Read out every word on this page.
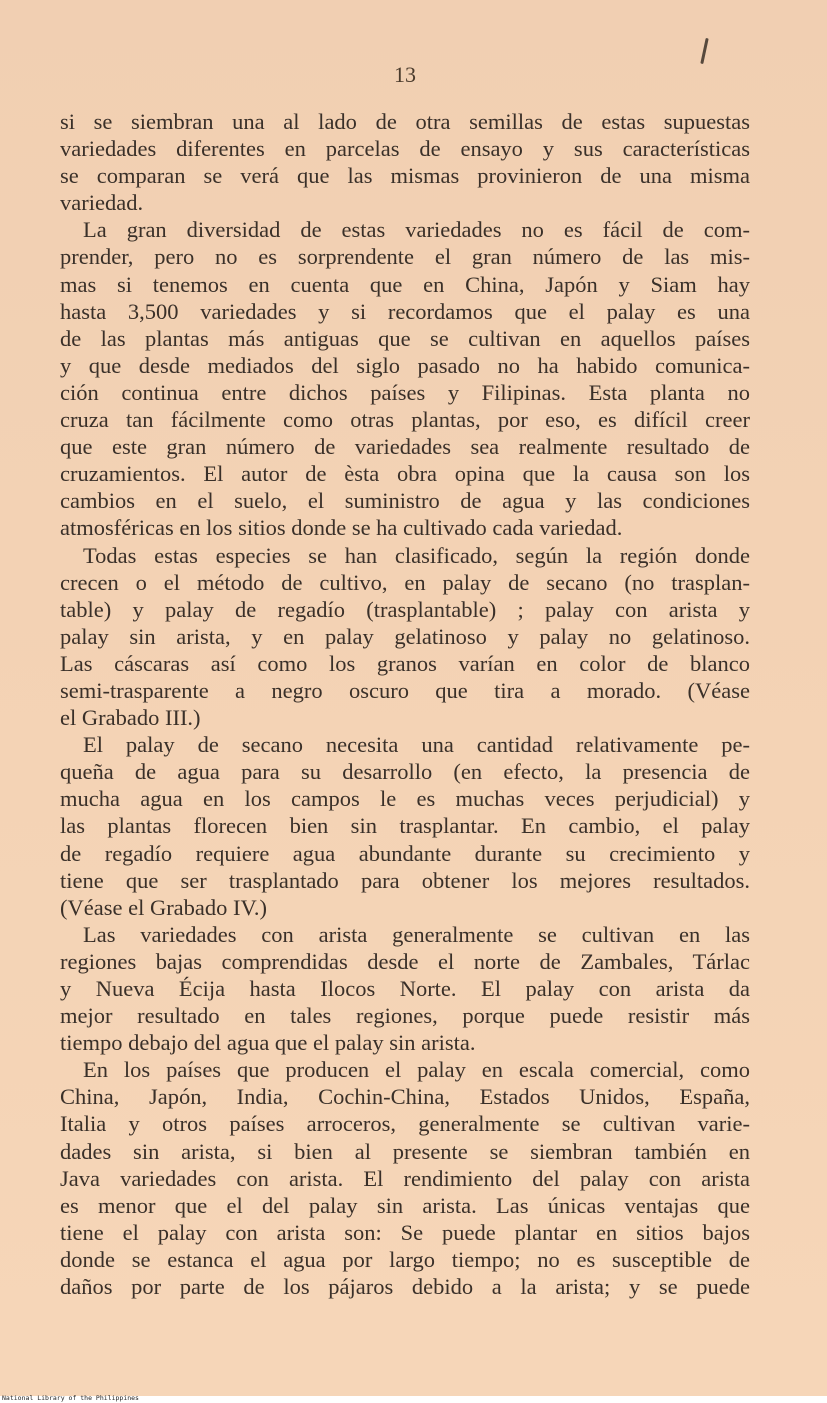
13
si se siembran una al lado de otra semillas de estas supuestas
variedades diferentes en parcelas de ensayo y sus características
se comparan se verá que las mismas provinieron de una misma
variedad.
La gran diversidad de estas variedades no es fácil de com-
prender, pero no es sorprendente el gran número de las mis-
mas si tenemos en cuenta que en China, Japón y Siam hay
hasta 3,500 variedades y si recordamos que el palay es una
de las plantas más antiguas que se cultivan en aquellos países
y que desde mediados del siglo pasado no ha habido comunica-
ción continua entre dichos países y Filipinas. Esta planta no
cruza tan fácilmente como otras plantas, por eso, es difícil creer
que este gran número de variedades sea realmente resultado de
cruzamientos. El autor de èsta obra opina que la causa son los
cambios en el suelo, el suministro de agua y las condiciones
atmosféricas en los sitios donde se ha cultivado cada variedad.
Todas estas especies se han clasificado, según la región donde
crecen o el método de cultivo, en palay de secano (no trasplan-
table) y palay de regadío (trasplantable) ; palay con arista y
palay sin arista, y en palay gelatinoso y palay no gelatinoso.
Las cáscaras así como los granos varían en color de blanco
semi-trasparente a negro oscuro que tira a morado. (Véase
el Grabado III.)
El palay de secano necesita una cantidad relativamente pe-
queña de agua para su desarrollo (en efecto, la presencia de
mucha agua en los campos le es muchas veces perjudicial) y
las plantas florecen bien sin trasplantar. En cambio, el palay
de regadío requiere agua abundante durante su crecimiento y
tiene que ser trasplantado para obtener los mejores resultados.
(Véase el Grabado IV.)
Las variedades con arista generalmente se cultivan en las
regiones bajas comprendidas desde el norte de Zambales, Tárlac
y Nueva Écija hasta Ilocos Norte. El palay con arista da
mejor resultado en tales regiones, porque puede resistir más
tiempo debajo del agua que el palay sin arista.
En los países que producen el palay en escala comercial, como
China, Japón, India, Cochin-China, Estados Unidos, España,
Italia y otros países arroceros, generalmente se cultivan varie-
dades sin arista, si bien al presente se siembran también en
Java variedades con arista. El rendimiento del palay con arista
es menor que el del palay sin arista. Las únicas ventajas que
tiene el palay con arista son: Se puede plantar en sitios bajos
donde se estanca el agua por largo tiempo; no es susceptible de
daños por parte de los pájaros debido a la arista; y se puede
National Library of the Philippines
